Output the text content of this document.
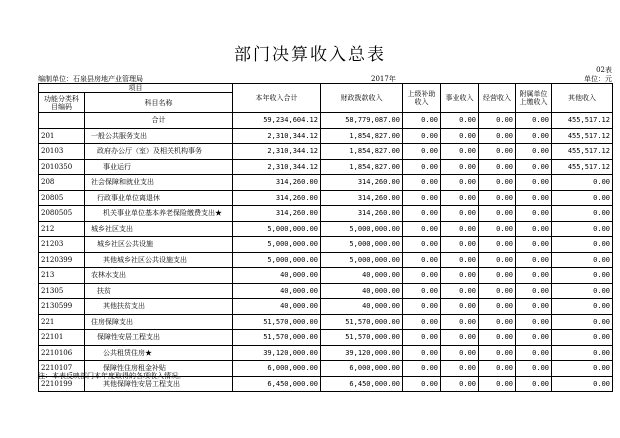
部门决算收入总表
02表
编制单位：石泉县房地产业管理局	2017年	单位：元
项目		本年收入合计	财政拨款收入	上级补助收入	事业收入	经营收入	附属单位上缴收入	其他收入
功能分类科目编码	科目名称							
	合计	59,234,604.12	58,779,087.00	0.00	0.00	0.00	0.00	455,517.12
201	一般公共服务支出	2,310,344.12	1,854,827.00	0.00	0.00	0.00	0.00	455,517.12
20103	政府办公厅（室）及相关机构事务	2,310,344.12	1,854,827.00	0.00	0.00	0.00	0.00	455,517.12
2010350	事业运行	2,310,344.12	1,854,827.00	0.00	0.00	0.00	0.00	455,517.12
208	社会保障和就业支出	314,260.00	314,260.00	0.00	0.00	0.00	0.00	0.00
20805	行政事业单位离退休	314,260.00	314,260.00	0.00	0.00	0.00	0.00	0.00
2080505	机关事业单位基本养老保险缴费支出★	314,260.00	314,260.00	0.00	0.00	0.00	0.00	0.00
212	城乡社区支出	5,000,000.00	5,000,000.00	0.00	0.00	0.00	0.00	0.00
21203	城乡社区公共设施	5,000,000.00	5,000,000.00	0.00	0.00	0.00	0.00	0.00
2120399	其他城乡社区公共设施支出	5,000,000.00	5,000,000.00	0.00	0.00	0.00	0.00	0.00
213	农林水支出	40,000.00	40,000.00	0.00	0.00	0.00	0.00	0.00
21305	扶贫	40,000.00	40,000.00	0.00	0.00	0.00	0.00	0.00
2130599	其他扶贫支出	40,000.00	40,000.00	0.00	0.00	0.00	0.00	0.00
221	住房保障支出	51,570,000.00	51,570,000.00	0.00	0.00	0.00	0.00	0.00
22101	保障性安居工程支出	51,570,000.00	51,570,000.00	0.00	0.00	0.00	0.00	0.00
2210106	公共租赁住房★	39,120,000.00	39,120,000.00	0.00	0.00	0.00	0.00	0.00
2210107	保障性住房租金补贴	6,000,000.00	6,000,000.00	0.00	0.00	0.00	0.00	0.00
2210199	其他保障性安居工程支出	6,450,000.00	6,450,000.00	0.00	0.00	0.00	0.00	0.00
注：本表反映部门本年度取得的各项收入情况。
